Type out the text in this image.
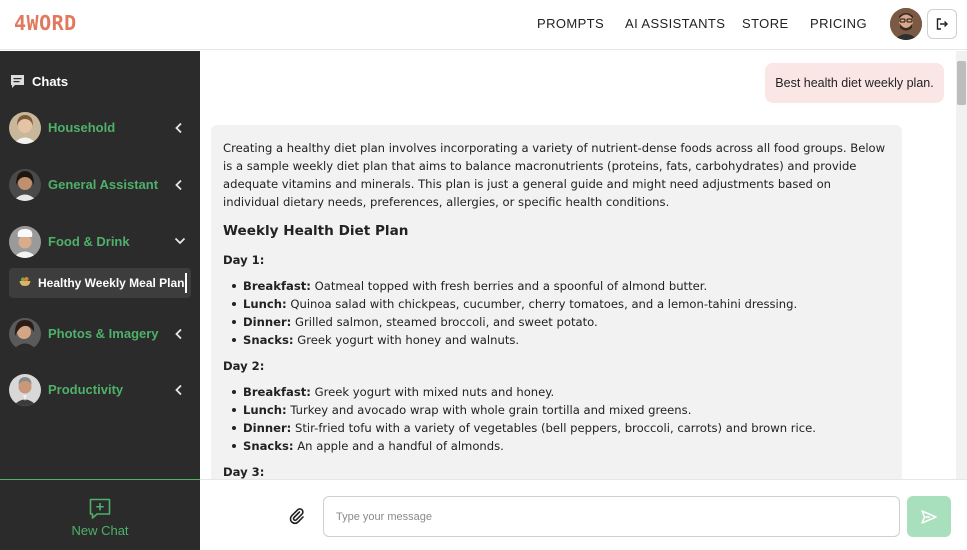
4WORD	PROMPTS AI ASSISTANTS STORE PRICING
Chats
Household
General Assistant
Food & Drink
Healthy Weekly Meal Plan
Photos & Imagery
Productivity
New Chat
Best health diet weekly plan.

Creating a healthy diet plan involves incorporating a variety of nutrient-dense foods across all food groups. Below is a sample weekly diet plan that aims to balance macronutrients (proteins, fats, carbohydrates) and provide adequate vitamins and minerals. This plan is just a general guide and might need adjustments based on individual dietary needs, preferences, allergies, or specific health conditions.

Weekly Health Diet Plan
Day 1:
Breakfast: Oatmeal topped with fresh berries and a spoonful of almond butter.
Lunch: Quinoa salad with chickpeas, cucumber, cherry tomatoes, and a lemon-tahini dressing.
Dinner: Grilled salmon, steamed broccoli, and sweet potato.
Snacks: Greek yogurt with honey and walnuts.
Day 2:
Breakfast: Greek yogurt with mixed nuts and honey.
Lunch: Turkey and avocado wrap with whole grain tortilla and mixed greens.
Dinner: Stir-fried tofu with a variety of vegetables (bell peppers, broccoli, carrots) and brown rice.
Snacks: An apple and a handful of almonds.
Day 3:
Type your message
